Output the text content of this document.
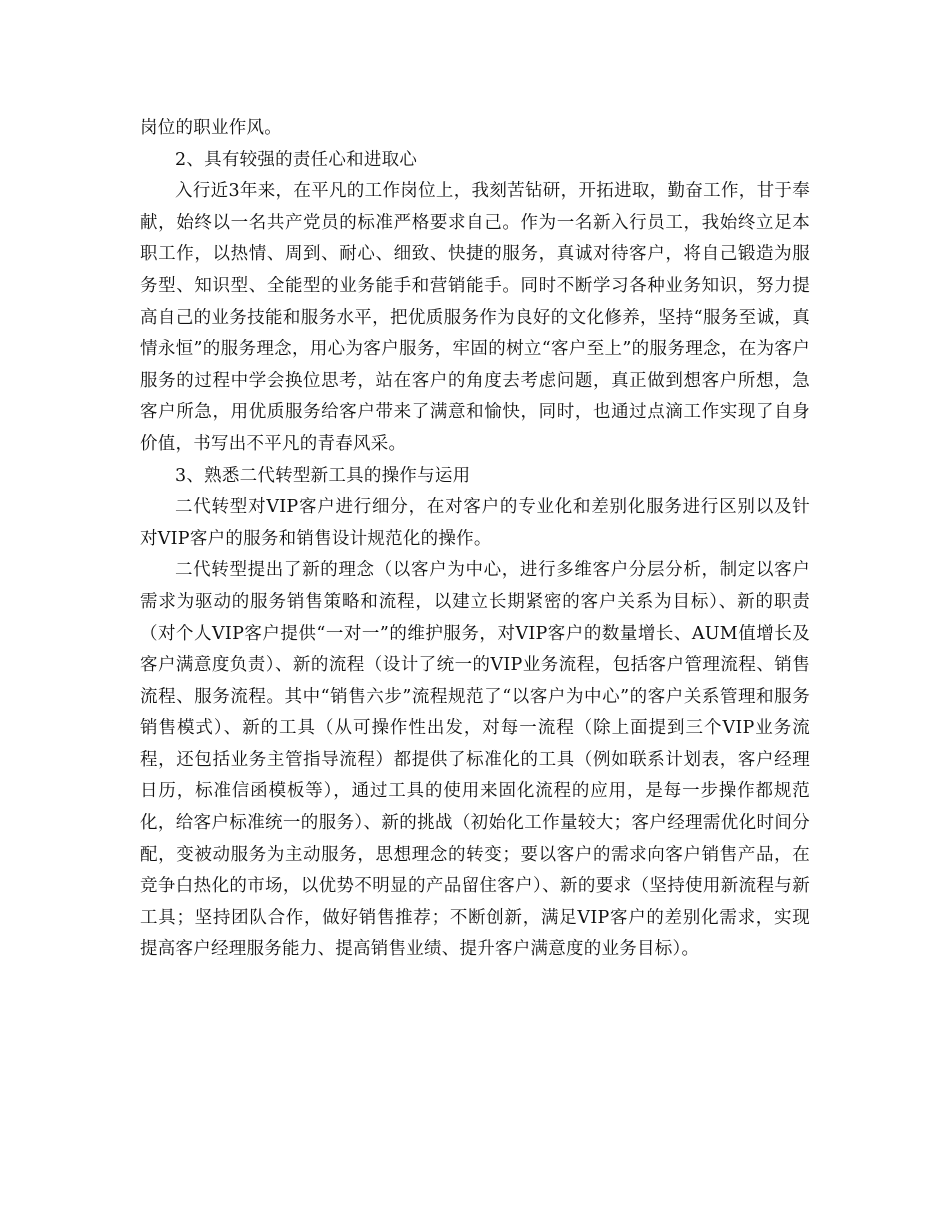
岗位的职业作风。

2、具有较强的责任心和进取心

入行近3年来，在平凡的工作岗位上，我刻苦钻研，开拓进取，勤奋工作，甘于奉献，始终以一名共产党员的标准严格要求自己。作为一名新入行员工，我始终立足本职工作，以热情、周到、耐心、细致、快捷的服务，真诚对待客户，将自己锻造为服务型、知识型、全能型的业务能手和营销能手。同时不断学习各种业务知识，努力提高自己的业务技能和服务水平，把优质服务作为良好的文化修养，坚持“服务至诚，真情永恒”的服务理念，用心为客户服务，牢固的树立“客户至上”的服务理念，在为客户服务的过程中学会换位思考，站在客户的角度去考虑问题，真正做到想客户所想，急客户所急，用优质服务给客户带来了满意和愉快，同时，也通过点滴工作实现了自身价值，书写出不平凡的青春风采。

3、熟悉二代转型新工具的操作与运用

二代转型对VIP客户进行细分，在对客户的专业化和差别化服务进行区别以及针对VIP客户的服务和销售设计规范化的操作。

二代转型提出了新的理念（以客户为中心，进行多维客户分层分析，制定以客户需求为驱动的服务销售策略和流程，以建立长期紧密的客户关系为目标）、新的职责（对个人VIP客户提供“一对一”的维护服务，对VIP客户的数量增长、AUM值增长及客户满意度负责）、新的流程（设计了统一的VIP业务流程，包括客户管理流程、销售流程、服务流程。其中“销售六步”流程规范了“以客户为中心”的客户关系管理和服务销售模式）、新的工具（从可操作性出发，对每一流程（除上面提到三个VIP业务流程，还包括业务主管指导流程）都提供了标准化的工具（例如联系计划表，客户经理日历，标准信函模板等），通过工具的使用来固化流程的应用，是每一步操作都规范化，给客户标准统一的服务）、新的挑战（初始化工作量较大；客户经理需优化时间分配，变被动服务为主动服务，思想理念的转变；要以客户的需求向客户销售产品，在竞争白热化的市场，以优势不明显的产品留住客户）、新的要求（坚持使用新流程与新工具；坚持团队合作，做好销售推荐；不断创新，满足VIP客户的差别化需求，实现提高客户经理服务能力、提高销售业绩、提升客户满意度的业务目标）。
